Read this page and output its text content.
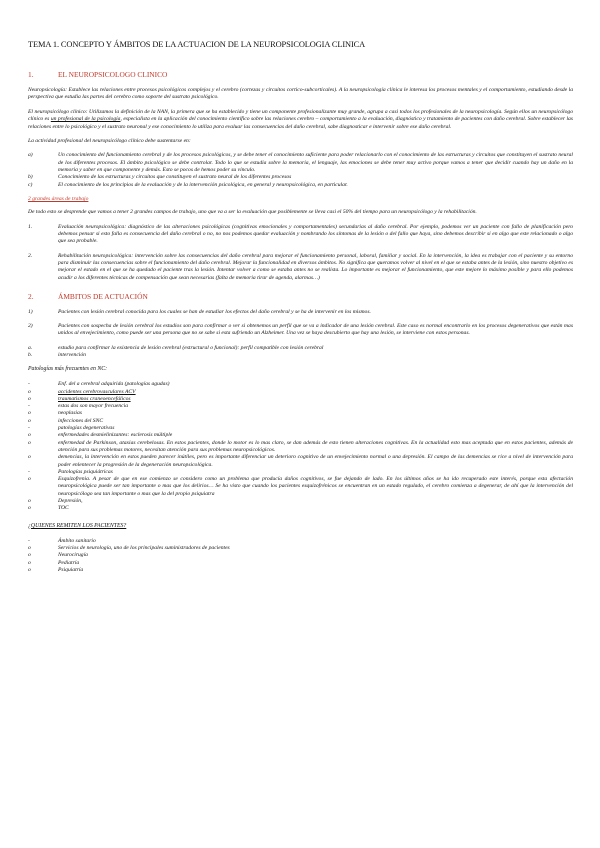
TEMA 1. CONCEPTO Y ÁMBITOS DE LA ACTUACION DE LA NEUROPSICOLOGIA CLINICA
1.	EL NEUROPSICOLOGO CLINICO

Neuropsicología: Establece las relaciones entre procesos psicológicos complejos y el cerebro (cortezas y circuitos cortico-subcorticales). A la neuropsicología clínica le interesa los procesos mentales y el comportamiento, estudiando desde la perspectiva que estudia las partes del cerebro como soporte del sustrato psicológico.

El neuropsicólogo clínico: Utilizamos la definición de la NAN, la primera que se ha establecido y tiene un componente profesionalizante muy grande, agrupa a casi todos los profesionales de la neuropsicología. Según ellos un neuropsicólogo clínico es un profesional de la psicología, especialista en la aplicación del conocimiento científico sobre las relaciones cerebro – comportamiento a la evaluación, diagnóstico y tratamiento de pacientes con daño cerebral. Sobre establecer las relaciones entre lo psicológico y el sustrato neuronal y ese conocimiento lo utiliza para evaluar las consecuencias del daño cerebral, sabe diagnosticar e intervenir sobre ese daño cerebral.

La actividad profesional del neuropsicólogo clínico debe sustentarse en:

a)	Un conocimiento del funcionamiento cerebral y de los procesos psicológicos, y se debe tener el conocimiento suficiente para poder relacionarlo con el conocimiento de las estructuras y circuitos que constituyen el sustrato neural de los diferentes procesos. El ámbito psicológico se debe controlar. Todo lo que se estudia sobre la memoria, el lenguaje, las emociones se debe tener muy activo porque vamos a tener que decidir cuando hay un daño en la memoria y saber en que componente y demás. Esto se pocos de hemos poder su vínculo.
b)	Conocimiento de las estructuras y circuitos que constituyen el sustrato neural de los diferentes procesos
c)	El conocimiento de los principios de la evaluación y de la intervención psicológica, en general y neuropsicológica, en particular.
2 grandes áreas de trabajo

De todo esto se desprende que vamos a tener 2 grandes campos de trabajo, uno que va a ser la evaluación que posiblemente se lleva casi el 50% del tiempo para un neuropsicólogo y la rehabilitación.

1.	Evaluación neuropsicológica: diagnóstico de las alteraciones psicológicas (cognitivas emocionales y comportamentales) secundarias al daño cerebral. Por ejemplo, podemos ver un paciente con fallo de planificación pero debemos pensar si esto falla es consecuencia del daño cerebral o no, no nos podemos quedar evaluación y nombrando los síntomas de la lesión o del fallo que haya, sino debemos describir si en algo que este relacionado o algo que sea probable.
2.	Rehabilitación neuropsicológica: intervención sobre las consecuencias del daño cerebral para mejorar el funcionamiento personal, laboral, familiar y social. En la intervención, la idea es trabajar con el paciente y su entorno para disminuir las consecuencias sobre el funcionamiento del daño cerebral. Mejorar la funcionalidad en diversos ámbitos. No significa que queramos volver al nivel en el que se estaba antes de la lesión, sino nuestro objetivo es mejorar el estado en el que se ha quedado el paciente tras la lesión. Intentar volver a como se estaba antes no se realista. Lo importante es mejorar el funcionamiento, que este mejore lo máximo posible y para ello podemos acudir a los diferentes técnicas de compensación que sean necesarias (falta de memoria tirar de agenda, alarmas…)
2.	ÁMBITOS DE ACTUACIÓN
1)	Pacientes con lesión cerebral conocida para los cuales se han de estudiar los efectos del daño cerebral y se ha de intervenir en los mismos.
2)	Pacientes con sospecha de lesión cerebral los estudios son para confirmar o ver si obtenemos un perfil que se va a indicador de una lesión cerebral. Este caso es normal encontrarlo en los procesos degenerativos que están mas unidos al envejecimiento, como puede ser una persona que no se sabe si esta sufriendo un Alzheimer. Una vez se haya descubierto que hay una lesión, se interviene con estos personas.
a.	estudio para confirmar la existencia de lesión cerebral (estructural o funcional): perfil compatible con lesión cerebral
b.	intervención
Patologías más frecuentes en NC:
-	Enf. del a cerebral adquirida (patologías agudas)
o	accidentes cerebrovasculares ACV
o	traumatismos craneoencefálicos
-	estas dos son mayor frecuencia
o	neoplasias
o	infecciones del SNC
-	patologías degenerativas
o	enfermedades desmielinizantes: esclerosis múltiple
o	enfermedad de Parkinson, ataxias cerebelosas. En estos pacientes, donde lo motor es lo mas claro, se dan además de esto tienen alteraciones cognitivas. En la actualidad esto mas aceptada que en estos pacientes, además de atención para sus problemas motores, necesitan atención para sus problemas neuropsicológicos.
o	demencias, la intervención en estos pueden parecer inútiles, pero es importante diferenciar un deterioro cognitivo de un envejecimiento normal o una depresión. El campo de las demencias se rice a nivel de intervención para poder enlentecer la progresión de la degeneración neuropsicológica.
-	Patologías psiquiátricas
o	Esquizofrenia. A pesar de que en ese comienzo se considero como un problema que producía daños cognitivos, se fue dejando de lado. En los últimos años se ha ido recuperado este interés, porque esta afectación neuropsicológica puede ser tan importante o mas que los delirios… Se ha visto que cuando los pacientes esquizofrénicos se encuentran en un estado regulado, el cerebro comienza a degenerar, de ahí que la intervención del neuropsicólogo sea tan importante o mas que la del propio psiquiatra
o	Depresión,
o	TOC
¿QUIENES REMITEN LOS PACIENTES?
-	Ámbito sanitario
o	Servicios de neurología, uno de los principales suministradores de pacientes
o	Neurocirugía
o	Pediatría
o	Psiquiatría
